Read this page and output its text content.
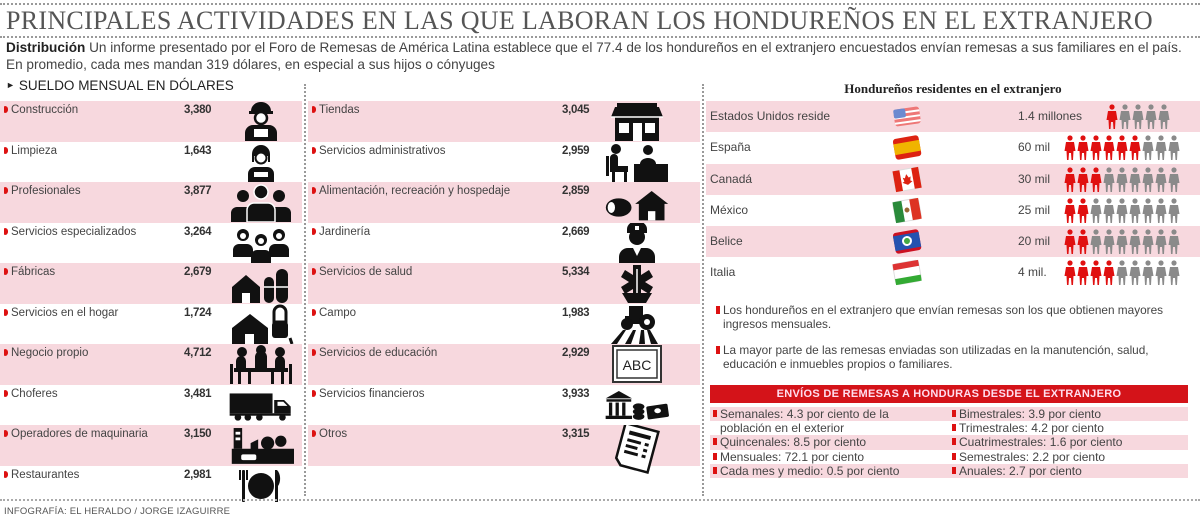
PRINCIPALES ACTIVIDADES EN LAS QUE LABORAN LOS HONDUREÑOS EN EL EXTRANJERO
Distribución Un informe presentado por el Foro de Remesas de América Latina establece que el 77.4 de los hondureños en el extranjero encuestados envían remesas a sus familiares en el país. En promedio, cada mes mandan 319 dólares, en especial a sus hijos o cónyuges
► SUELDO MENSUAL EN DÓLARES
Construcción	3,380
Limpieza	1,643
Profesionales	3,877
Servicios especializados	3,264
Fábricas	2,679
Servicios en el hogar	1,724
Negocio propio	4,712
Choferes	3,481
Operadores de maquinaria	3,150
Restaurantes	2,981
Tiendas	3,045
Servicios administrativos	2,959
Alimentación, recreación y hospedaje	2,859
Jardinería	2,669
Servicios de salud	5,334
Campo	1,983
Servicios de educación	2,929
ABC
Servicios financieros	3,933
Otros	3,315
Hondureños residentes en el extranjero
Estados Unidos reside	1.4 millones
España	60 mil
Canadá	30 mil
México	25 mil
Belice	20 mil
Italia	4 mil.

Los hondureños en el extranjero que envían remesas son los que obtienen mayores ingresos mensuales.

La mayor parte de las remesas enviadas son utilizadas en la manutención, salud, educación e inmuebles propios o familiares.

ENVÍOS DE REMESAS A HONDURAS DESDE EL EXTRANJERO
Semanales: 4.3 por ciento de la
población en el exterior
Quincenales: 8.5 por ciento
Mensuales: 72.1 por ciento
Cada mes y medio: 0.5 por ciento
Bimestrales: 3.9 por ciento
Trimestrales: 4.2 por ciento
Cuatrimestrales: 1.6 por ciento
Semestrales: 2.2 por ciento
Anuales: 2.7 por ciento
INFOGRAFÍA: EL HERALDO / JORGE IZAGUIRRE
